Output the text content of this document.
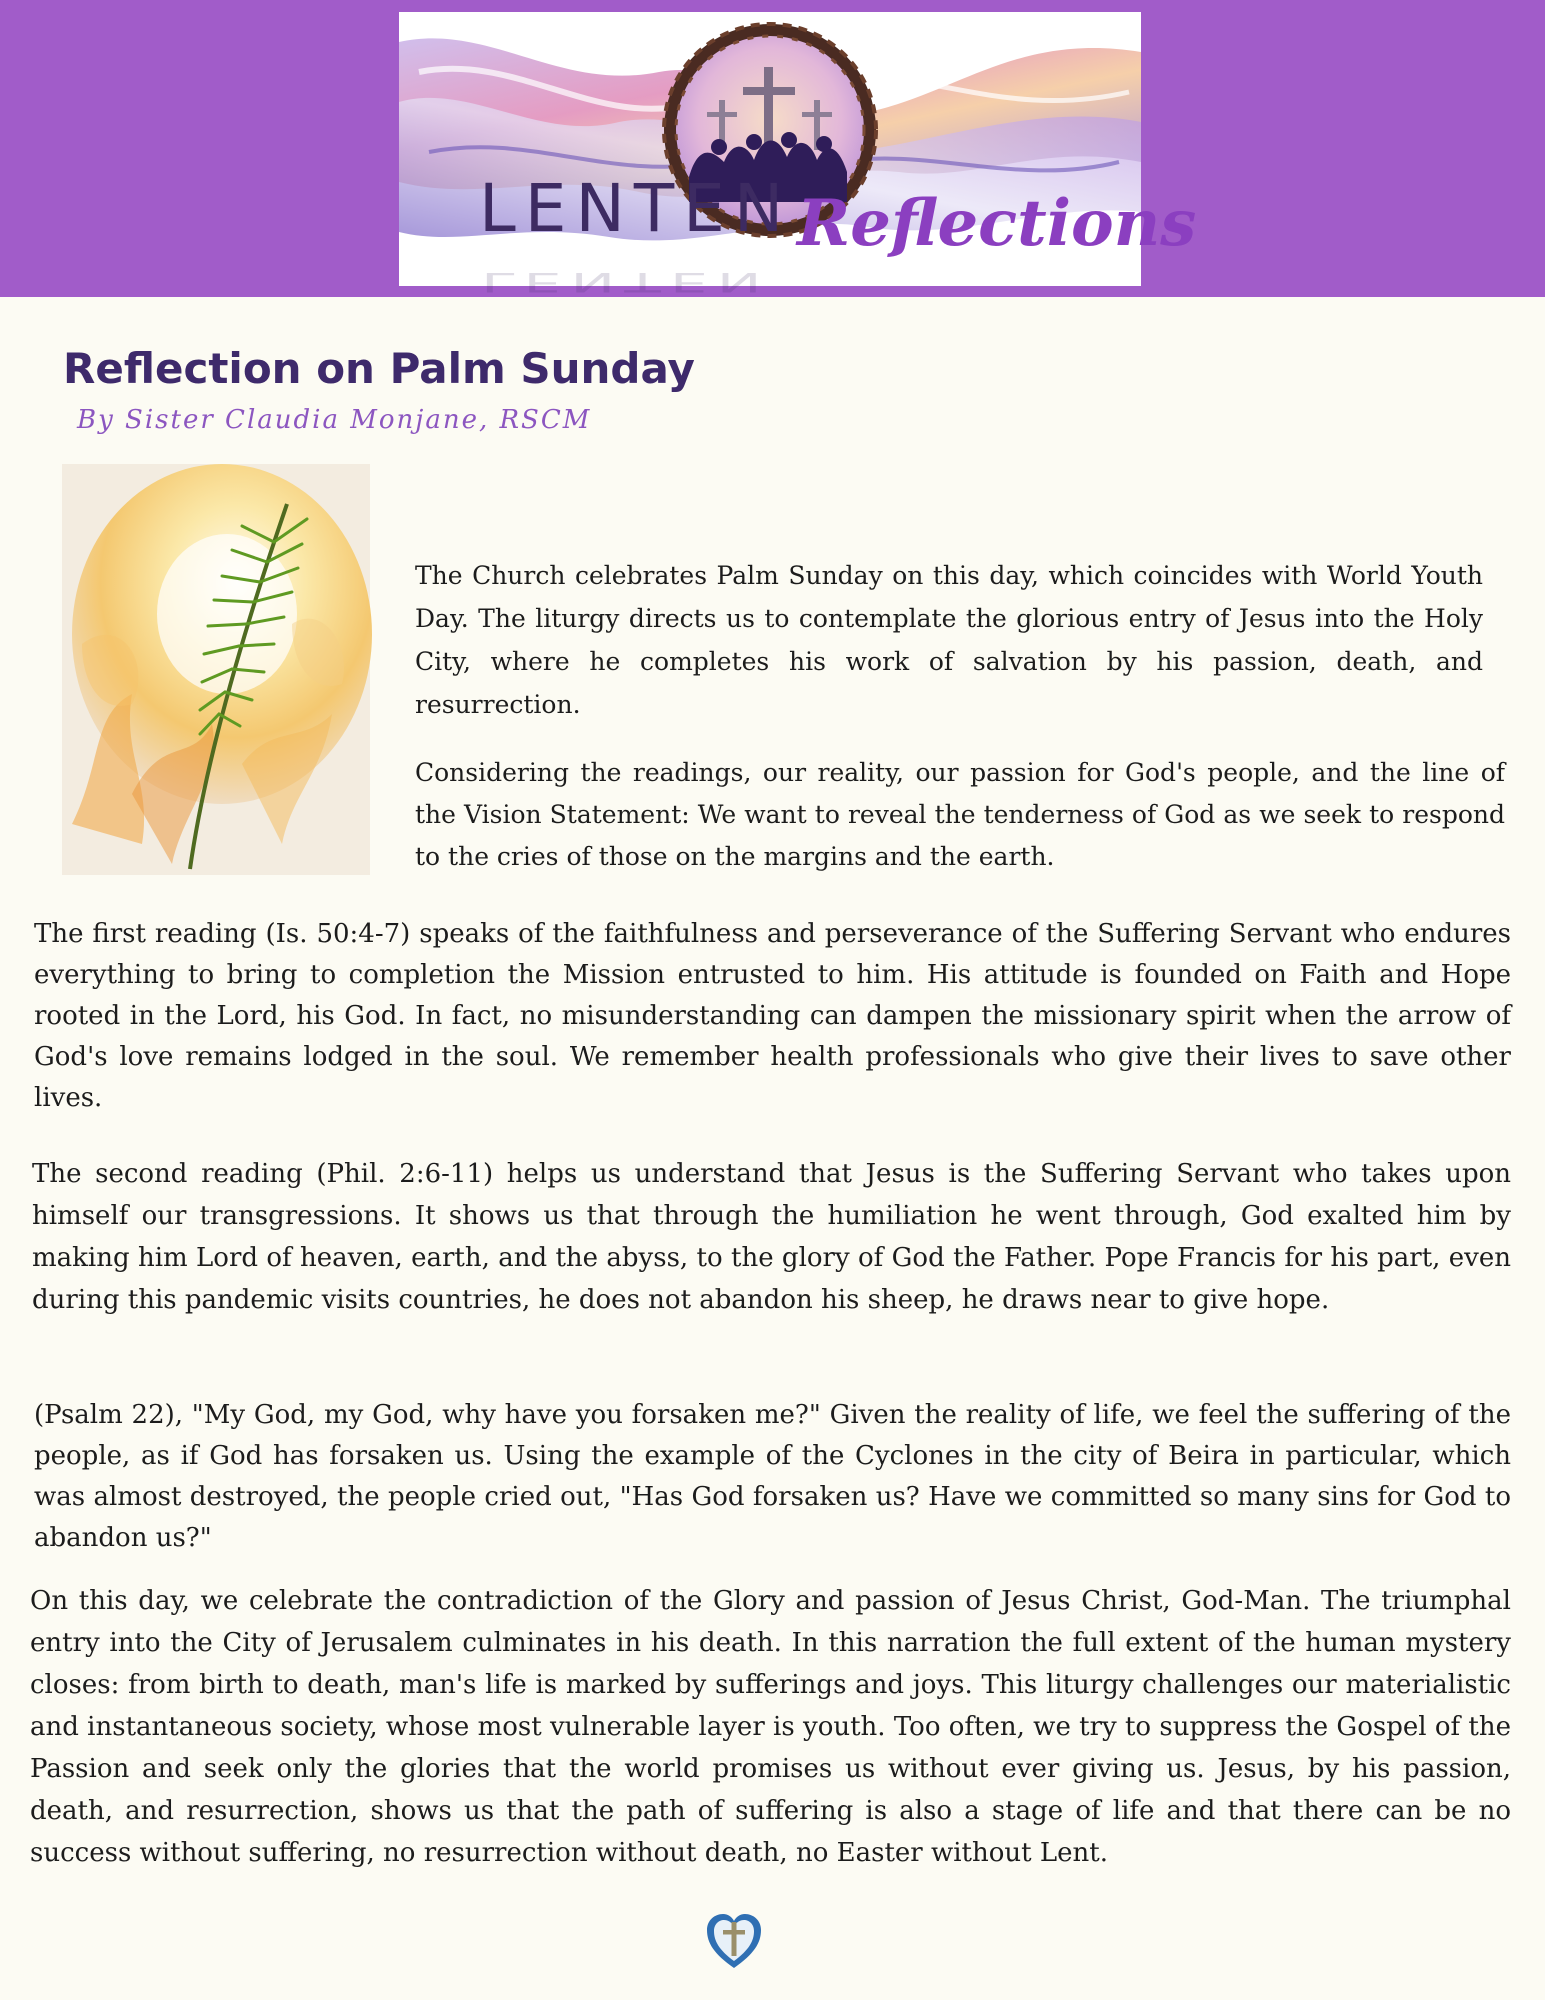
LENTEN
LENTEN Reflections
Reflection on Palm Sunday
By Sister Claudia Monjane, RSCM

The Church celebrates Palm Sunday on this day, which coincides with World Youth Day. The liturgy directs us to contemplate the glorious entry of Jesus into the Holy City, where he completes his work of salvation by his passion, death, and resurrection.

Considering the readings, our reality, our passion for God's people, and the line of the Vision Statement: We want to reveal the tenderness of God as we seek to respond to the cries of those on the margins and the earth.

The first reading (Is. 50:4-7) speaks of the faithfulness and perseverance of the Suffering Servant who endures everything to bring to completion the Mission entrusted to him. His attitude is founded on Faith and Hope rooted in the Lord, his God. In fact, no misunderstanding can dampen the missionary spirit when the arrow of God's love remains lodged in the soul. We remember health professionals who give their lives to save other lives.

The second reading (Phil. 2:6-11) helps us understand that Jesus is the Suffering Servant who takes upon himself our transgressions. It shows us that through the humiliation he went through, God exalted him by making him Lord of heaven, earth, and the abyss, to the glory of God the Father. Pope Francis for his part, even during this pandemic visits countries, he does not abandon his sheep, he draws near to give hope.

(Psalm 22), "My God, my God, why have you forsaken me?" Given the reality of life, we feel the suffering of the people, as if God has forsaken us. Using the example of the Cyclones in the city of Beira in particular, which was almost destroyed, the people cried out, "Has God forsaken us? Have we committed so many sins for God to abandon us?"

On this day, we celebrate the contradiction of the Glory and passion of Jesus Christ, God-Man. The triumphal entry into the City of Jerusalem culminates in his death. In this narration the full extent of the human mystery closes: from birth to death, man's life is marked by sufferings and joys. This liturgy challenges our materialistic and instantaneous society, whose most vulnerable layer is youth. Too often, we try to suppress the Gospel of the Passion and seek only the glories that the world promises us without ever giving us. Jesus, by his passion, death, and resurrection, shows us that the path of suffering is also a stage of life and that there can be no success without suffering, no resurrection without death, no Easter without Lent.
